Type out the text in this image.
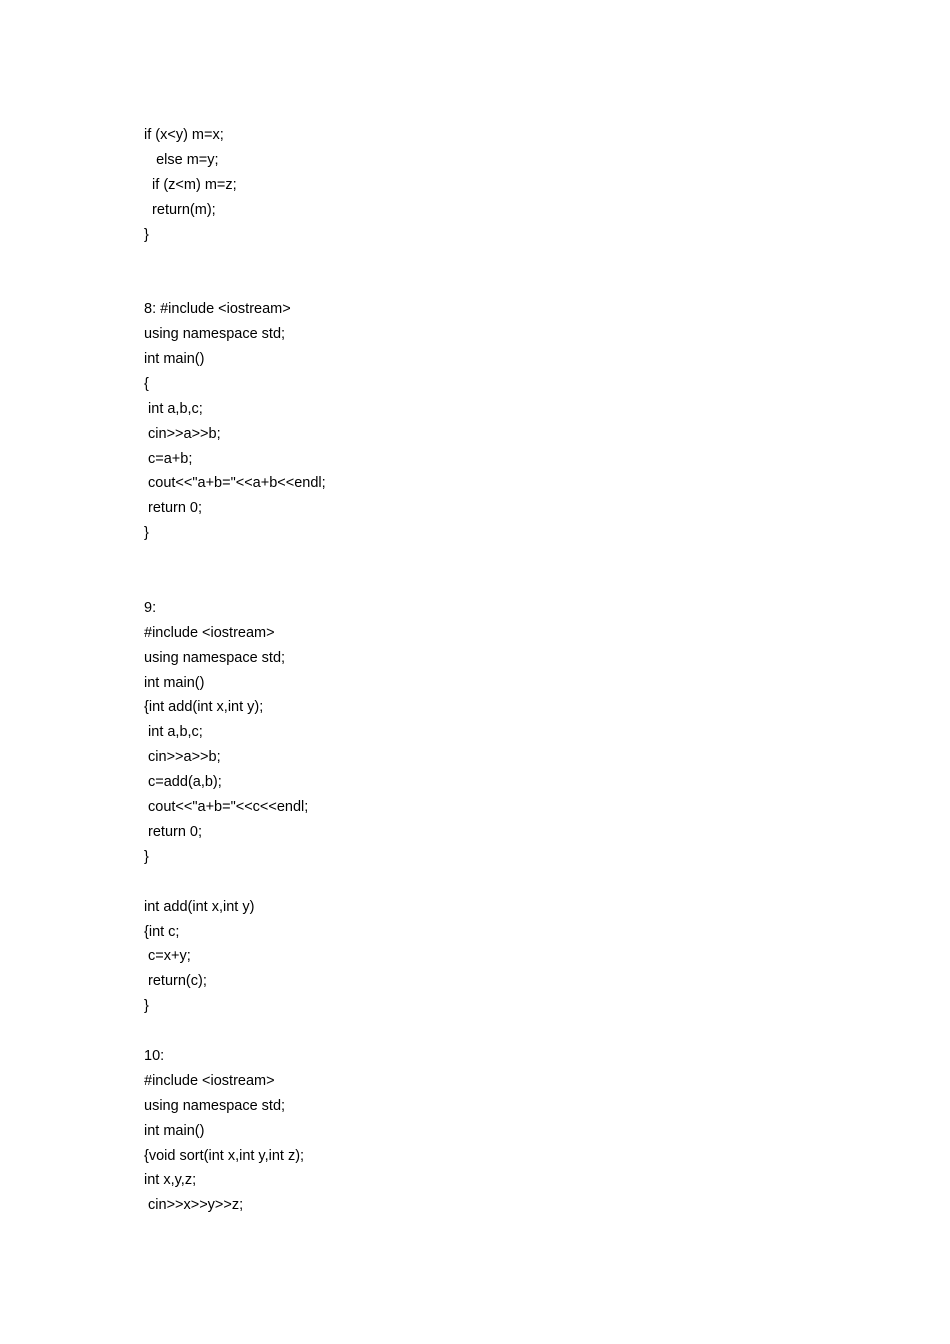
if (x<y) m=x;
else m=y;
if (z<m) m=z;
return(m);
}
8: #include <iostream>
using namespace std;
int main()
{
int a,b,c;
cin>>a>>b;
c=a+b;
cout<<"a+b="<<a+b<<endl;
return 0;
}
9:
#include <iostream>
using namespace std;
int main()
{int add(int x,int y);
int a,b,c;
cin>>a>>b;
c=add(a,b);
cout<<"a+b="<<c<<endl;
return 0;
}
int add(int x,int y)
{int c;
c=x+y;
return(c);
}
10:
#include <iostream>
using namespace std;
int main()
{void sort(int x,int y,int z);
int x,y,z;
cin>>x>>y>>z;
